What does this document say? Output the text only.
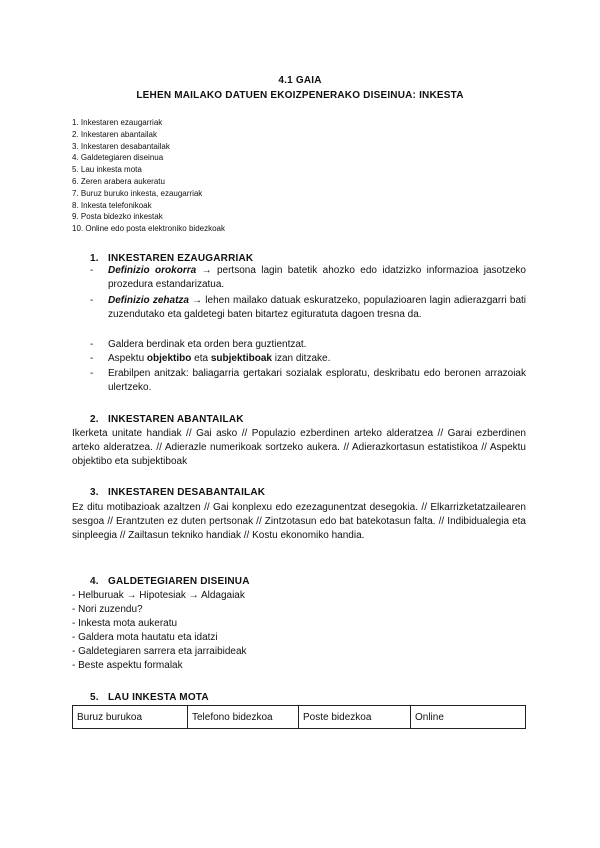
4.1 GAIA
LEHEN MAILAKO DATUEN EKOIZPENERAKO DISEINUA: INKESTA
1. Inkestaren ezaugarriak
2. Inkestaren abantailak
3. Inkestaren desabantailak
4. Galdetegiaren diseinua
5. Lau inkesta mota
6. Zeren arabera aukeratu
7. Buruz buruko inkesta, ezaugarriak
8. Inkesta telefonikoak
9. Posta bidezko inkestak
10. Online edo posta elektroniko bidezkoak
1. INKESTAREN EZAUGARRIAK
- Definizio orokorra → pertsona lagin batetik ahozko edo idatzizko informazioa jasotzeko prozedura estandarizatua.
- Definizio zehatza → lehen mailako datuak eskuratzeko, populazioaren lagin adierazgarri bati zuzendutako eta galdetegi baten bitartez egituratuta dagoen tresna da.
- Galdera berdinak eta orden bera guztientzat.
- Aspektu objektibo eta subjektiboak izan ditzake.
- Erabilpen anitzak: baliagarria gertakari sozialak esploratu, deskribatu edo beronen arrazoiak ulertzeko.
2. INKESTAREN ABANTAILAK
Ikerketa unitate handiak // Gai asko // Populazio ezberdinen arteko alderatzea // Garai ezberdinen arteko alderatzea. // Adierazle numerikoak sortzeko aukera. // Adierazkortasun estatistikoa // Aspektu objektibo eta subjektiboak
3. INKESTAREN DESABANTAILAK
Ez ditu motibazioak azaltzen // Gai konplexu edo ezezagunentzat desegokia. // Elkarrizketatzailearen sesgoa // Erantzuten ez duten pertsonak // Zintzotasun edo bat batekotasun falta. // Indibidualegia eta sinpleegia // Zailtasun tekniko handiak // Kostu ekonomiko handia.
4. GALDETEGIAREN DISEINUA
- Helburuak → Hipotesiak → Aldagaiak
- Nori zuzendu?
- Inkesta mota aukeratu
- Galdera mota hautatu eta idatzi
- Galdetegiaren sarrera eta jarraibideak
- Beste aspektu formalak
5. LAU INKESTA MOTA
Buruz burukoa	Telefono bidezkoa	Poste bidezkoa	Online
